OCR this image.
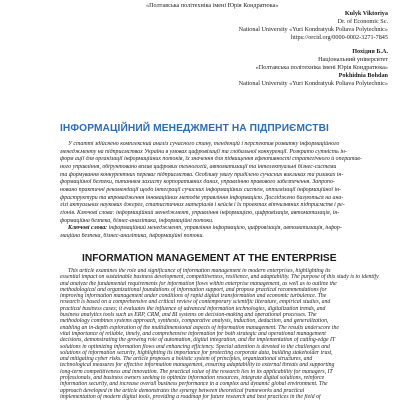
«Полтавська політехніка імені Юрія Кондратюка»
Kulyk Viktoriya
Dr. of Economic Sc.
National University «Yuri Kondratyuk Poltava Polytechnic»
https://orcid.org/0000-0002-3271-7845
Похідня Б.А.
Національний університет
«Полтавська політехніка імені Юрія Кондратюка»
Pokhidnia Bohdan
National University «Yuri Kondratyuk Poltava Polytechnic»
ІНФОРМАЦІЙНИЙ МЕНЕДЖМЕНТ НА ПІДПРИЄМСТВІ
У статті здійснено комплексний аналіз сучасного стану, тенденцій і перспектив розвитку інформаційного
менеджменту на підприємствах України в умовах цифровізації та глобальної конкуренції. Розкрито сутність ін-
форм ації для організації інформаційних потоків, їх значення для підвищення ефективності стратегічного й оператив-
ного управління, обґрунтовано вплив цифрових технологій, автоматизації та інтелектуальні бізнес-системи
та формування конкурентних переваг підприємства. Особливу увагу приділено сучасних викликах та ризиках ін-
формаційної безпеки, питанням захисту корпоративних даних, управлінню правового забезпечення. Запропо-
новано практичні рекомендації щодо інтеграції сучасних інформаційних систем, оптимізації інформаційної ін-
фраструктури та впровадження інноваційних методів управління інформацією. Досліджено базуються на ана-
лізі актуальних наукових джерел, статистичних матеріалів і кейсів і їх проектах вітчизняних підприємств і ре-
гіонів. Ключові слова: інформаційний менеджмент, управління інформацією, цифровізація, автоматизація, ін-
формаційна безпека, бізнес-аналітика, інформаційні потоки.
Ключові слова: інформаційний менеджмент, управління інформацією, цифровізація, автоматизація, інфор-
маційна безпека, бізнес-аналітика, інформаційні потоки.
INFORMATION MANAGEMENT AT THE ENTERPRISE
This article examines the role and significance of information management in modern enterprises, highlighting its
essential impact on sustainable business development, competitiveness, resilience, and adaptability. The purpose of this study is to identify
and analyze the fundamental requirements for information flows within enterprise management, as well as to outline the
methodological and organizational foundations of information support, and propose practical recommendations for
improving information management under conditions of rapid digital transformation and economic turbulence. The
research is based on a comprehensive and critical review of contemporary scientific literature, empirical studies, and
practical business cases; it evaluates the influence of advanced information technologies, digitalization trends, and
business analytics tools such as ERP, CRM, and BI systems on decision-making and operational processes. The
methodology combines systems approach, synthesis, comparative analysis, induction, deduction, and generalization,
enabling an in-depth exploration of the multidimensional aspects of information management. The results underscore the
vital importance of reliable, timely, and comprehensive information for both strategic and operational management
decisions, demonstrating the growing role of automation, digital integration, and the implementation of cutting-edge IT
solutions in optimizing information flows and enhancing efficiency. Special attention is devoted to the challenges and
solutions of information security, highlighting its importance for protecting corporate data, building stakeholder trust,
and mitigating cyber risks. The article proposes a holistic system of principles, organizational structures, and
technological measures for effective information management, ensuring adaptability to external threats and supporting
long-term competitiveness and innovation. The practical value of the research lies in its applicability for managers, IT
professionals, and business owners seeking to optimize information resources, integrate digital solutions, reinforce
information security, and increase overall business performance in a complex and dynamic global environment. The
approach developed in the article demonstrates the synergy between theoretical frameworks and practical
implementation of modern digital tools, providing a roadmap for future research and best practices in the field of
